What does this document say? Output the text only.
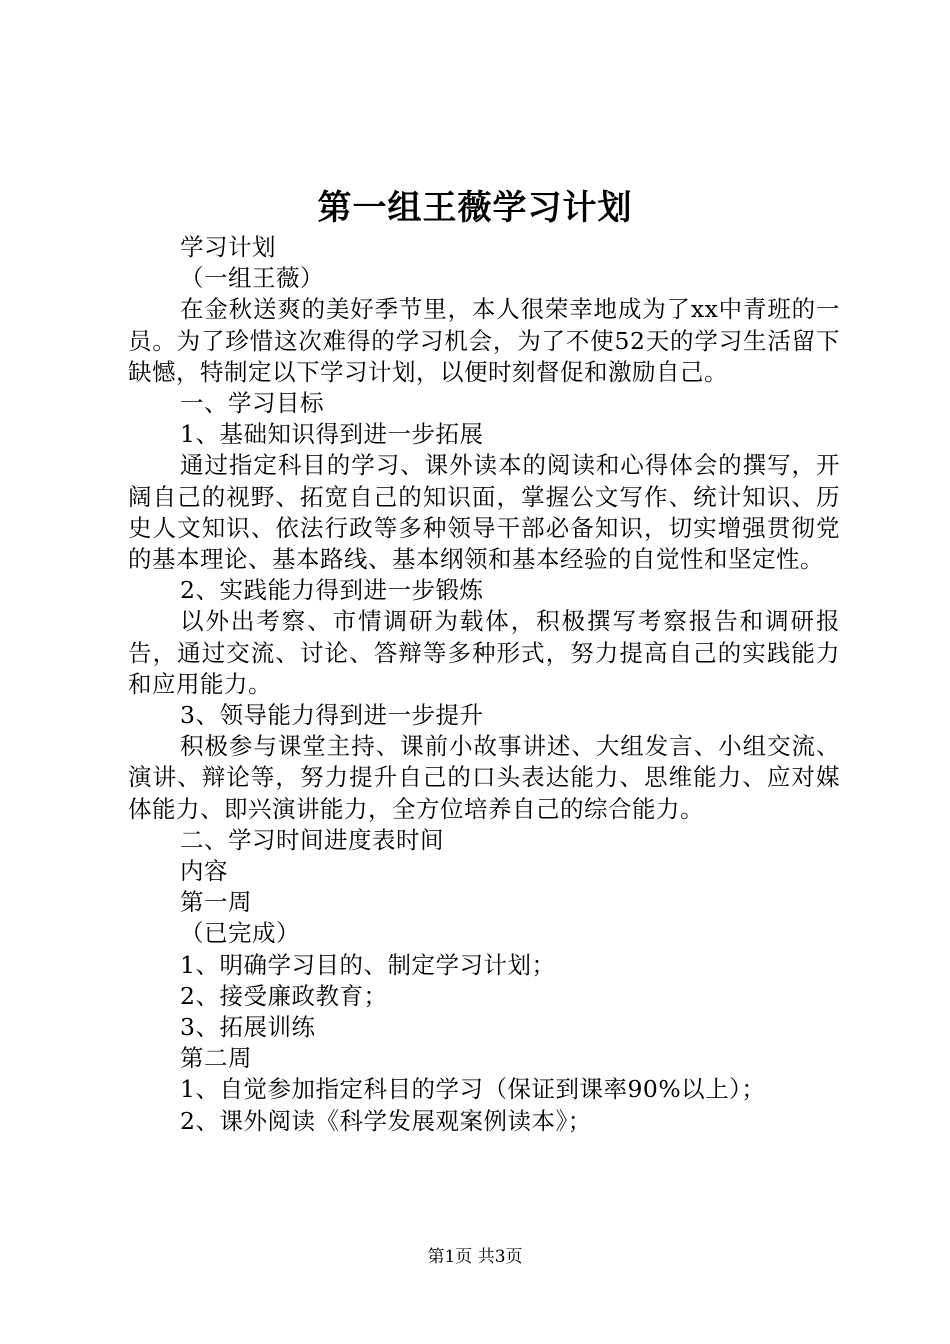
第一组王薇学习计划

学习计划

（一组王薇）

在金秋送爽的美好季节里，本人很荣幸地成为了xx中青班的一员。为了珍惜这次难得的学习机会，为了不使52天的学习生活留下缺憾，特制定以下学习计划，以便时刻督促和激励自己。

一、学习目标

1、基础知识得到进一步拓展

通过指定科目的学习、课外读本的阅读和心得体会的撰写，开阔自己的视野、拓宽自己的知识面，掌握公文写作、统计知识、历史人文知识、依法行政等多种领导干部必备知识，切实增强贯彻党的基本理论、基本路线、基本纲领和基本经验的自觉性和坚定性。

2、实践能力得到进一步锻炼

以外出考察、市情调研为载体，积极撰写考察报告和调研报告，通过交流、讨论、答辩等多种形式，努力提高自己的实践能力和应用能力。

3、领导能力得到进一步提升

积极参与课堂主持、课前小故事讲述、大组发言、小组交流、演讲、辩论等，努力提升自己的口头表达能力、思维能力、应对媒体能力、即兴演讲能力，全方位培养自己的综合能力。

二、学习时间进度表时间

内容

第一周

（已完成）

1、明确学习目的、制定学习计划；

2、接受廉政教育；

3、拓展训练

第二周

1、自觉参加指定科目的学习（保证到课率90%以上）；

2、课外阅读《科学发展观案例读本》；

第1页 共3页
